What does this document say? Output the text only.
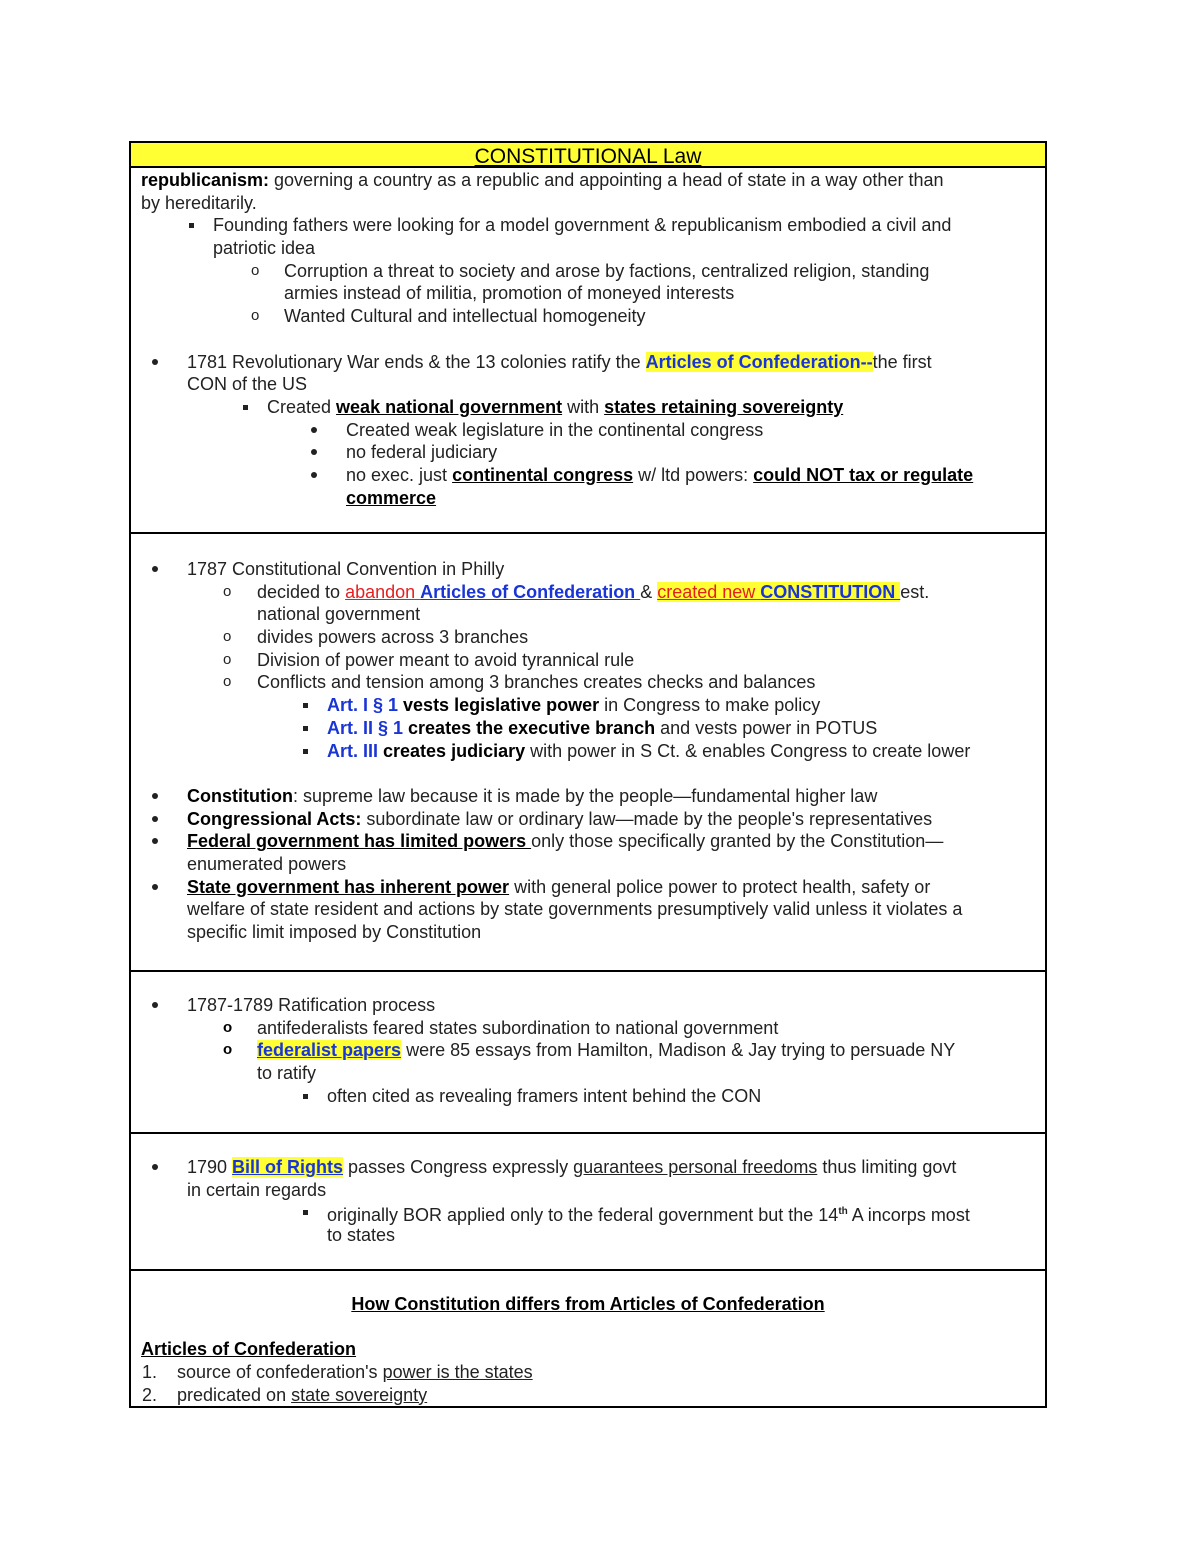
CONSTITUTIONAL Law
republicanism: governing a country as a republic and appointing a head of state in a way other than
by hereditarily.
Founding fathers were looking for a model government & republicanism embodied a civil and
patriotic idea
o Corruption a threat to society and arose by factions, centralized religion, standing
armies instead of militia, promotion of moneyed interests
o Wanted Cultural and intellectual homogeneity
1781 Revolutionary War ends & the 13 colonies ratify the Articles of Confederation--the first
CON of the US
Created weak national government with states retaining sovereignty
Created weak legislature in the continental congress
no federal judiciary
no exec. just continental congress w/ ltd powers: could NOT tax or regulate
commerce
1787 Constitutional Convention in Philly
o decided to abandon Articles of Confederation & created new CONSTITUTION est.
national government
o divides powers across 3 branches
o Division of power meant to avoid tyrannical rule
o Conflicts and tension among 3 branches creates checks and balances
Art. I § 1 vests legislative power in Congress to make policy
Art. II § 1 creates the executive branch and vests power in POTUS
Art. III creates judiciary with power in S Ct. & enables Congress to create lower
Constitution: supreme law because it is made by the people—fundamental higher law
Congressional Acts: subordinate law or ordinary law—made by the people's representatives
Federal government has limited powers only those specifically granted by the Constitution—
enumerated powers
State government has inherent power with general police power to protect health, safety or
welfare of state resident and actions by state governments presumptively valid unless it violates a
specific limit imposed by Constitution
1787-1789 Ratification process
o antifederalists feared states subordination to national government
o federalist papers were 85 essays from Hamilton, Madison & Jay trying to persuade NY
to ratify
often cited as revealing framers intent behind the CON
1790 Bill of Rights passes Congress expressly guarantees personal freedoms thus limiting govt
in certain regards
originally BOR applied only to the federal government but the 14th A incorps most
to states
How Constitution differs from Articles of Confederation
Articles of Confederation
1. source of confederation's power is the states
2. predicated on state sovereignty
